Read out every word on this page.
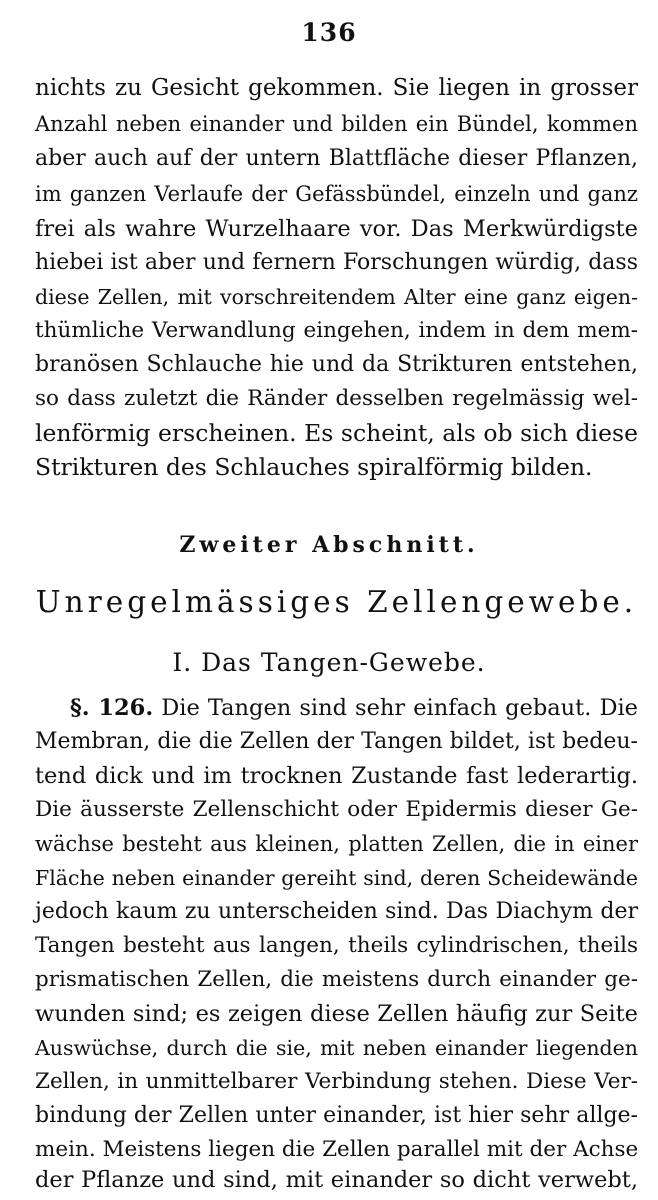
136
nichts zu Gesicht gekommen. Sie liegen in grosser
Anzahl neben einander und bilden ein Bündel, kommen
aber auch auf der untern Blattfläche dieser Pflanzen,
im ganzen Verlaufe der Gefässbündel, einzeln und ganz
frei als wahre Wurzelhaare vor. Das Merkwürdigste
hiebei ist aber und fernern Forschungen würdig, dass
diese Zellen, mit vorschreitendem Alter eine ganz eigen-
thümliche Verwandlung eingehen, indem in dem mem-
branösen Schlauche hie und da Strikturen entstehen,
so dass zuletzt die Ränder desselben regelmässig wel-
lenförmig erscheinen. Es scheint, als ob sich diese
Strikturen des Schlauches spiralförmig bilden.
Zweiter Abschnitt.
Unregelmässiges Zellengewebe.
I. Das Tangen-Gewebe.
§. 126. Die Tangen sind sehr einfach gebaut. Die
Membran, die die Zellen der Tangen bildet, ist bedeu-
tend dick und im trocknen Zustande fast lederartig.
Die äusserste Zellenschicht oder Epidermis dieser Ge-
wächse besteht aus kleinen, platten Zellen, die in einer
Fläche neben einander gereiht sind, deren Scheidewände
jedoch kaum zu unterscheiden sind. Das Diachym der
Tangen besteht aus langen, theils cylindrischen, theils
prismatischen Zellen, die meistens durch einander ge-
wunden sind; es zeigen diese Zellen häufig zur Seite
Auswüchse, durch die sie, mit neben einander liegenden
Zellen, in unmittelbarer Verbindung stehen. Diese Ver-
bindung der Zellen unter einander, ist hier sehr allge-
mein. Meistens liegen die Zellen parallel mit der Achse
der Pflanze und sind, mit einander so dicht verwebt,
